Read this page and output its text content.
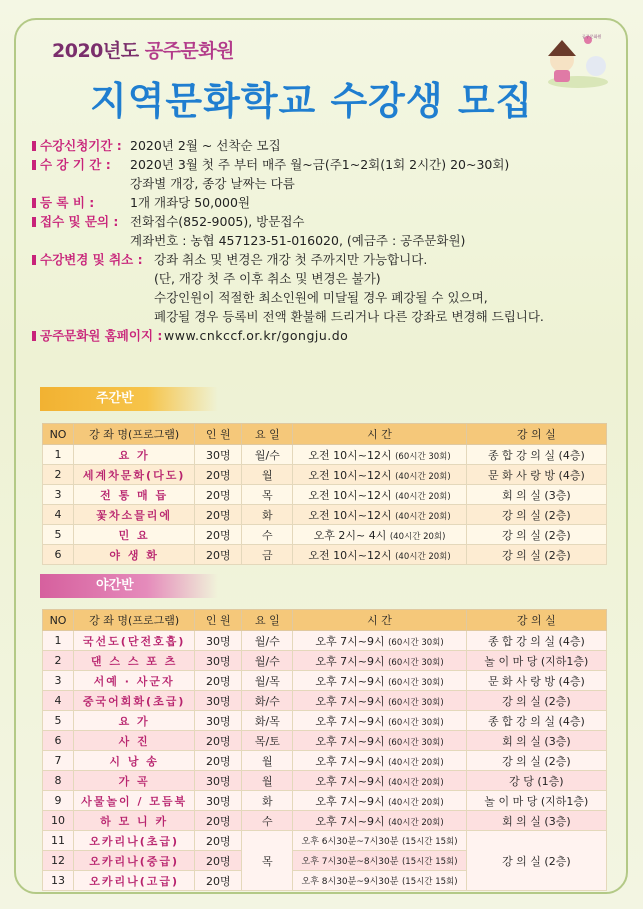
2020년도 공주문화원
지역문화학교 수강생 모집
공주문화원
수강신청기간 : 2020년 2월 ~ 선착순 모집
수 강 기 간 : 2020년 3월 첫 주 부터 매주 월~금(주1~2회(1회 2시간) 20~30회)
강좌별 개강, 종강 날짜는 다름
등 록 비 :	1개 개좌당 50,000원
접수 및 문의 : 전화접수(852-9005), 방문접수
계좌번호 : 농협 457123-51-016020, (예금주 : 공주문화원)
수강변경 및 취소 : 강좌 취소 및 변경은 개강 첫 주까지만 가능합니다.
(단, 개강 첫 주 이후 취소 및 변경은 불가)
수강인원이 적절한 최소인원에 미달될 경우 폐강될 수 있으며,
폐강될 경우 등록비 전액 환불해 드리거나 다른 강좌로 변경해 드립니다.
공주문화원 홈페이지 : www.cnkccf.or.kr/gongju.do
주간반
NO	강 좌 명(프로그램)	인 원	요 일	시 간	강 의 실
1	요 가	30명	월/수	오전 10시~12시 (60시간 30회)	종 합 강 의 실 (4층)
2	세계차문화(다도)	20명	월	오전 10시~12시 (40시간 20회)	문 화 사 랑 방 (4층)
3	전 통 매 듭	20명	목	오전 10시~12시 (40시간 20회)	회 의 실 (3층)
4	꽃차소믈리에	20명	화	오전 10시~12시 (40시간 20회)	강 의 실 (2층)
5	민 요	20명	수	오후 2시~ 4시 (40시간 20회)	강 의 실 (2층)
6	야 생 화	20명	금	오전 10시~12시 (40시간 20회)	강 의 실 (2층)
야간반
NO	강 좌 명(프로그램)	인 원	요 일	시 간	강 의 실
1	국선도(단전호흡)	30명	월/수	오후 7시~9시 (60시간 30회)	종 합 강 의 실 (4층)
2	댄 스 스 포 츠	30명	월/수	오후 7시~9시 (60시간 30회)	놀 이 마 당 (지하1층)
3	서예 · 사군자	20명	월/목	오후 7시~9시 (60시간 30회)	문 화 사 랑 방 (4층)
4	중국어회화(초급)	30명	화/수	오후 7시~9시 (60시간 30회)	강 의 실 (2층)
5	요 가	30명	화/목	오후 7시~9시 (60시간 30회)	종 합 강 의 실 (4층)
6	사 진	20명	목/토	오후 7시~9시 (60시간 30회)	회 의 실 (3층)
7	시 낭 송	20명	월	오후 7시~9시 (40시간 20회)	강 의 실 (2층)
8	가 곡	30명	월	오후 7시~9시 (40시간 20회)	강 당 (1층)
9	사물놀이 / 모듬북	30명	화	오후 7시~9시 (40시간 20회)	놀 이 마 당 (지하1층)
10	하 모 니 카	20명	수	오후 7시~9시 (40시간 20회)	회 의 실 (3층)
11	오카리나(초급)	20명	목	오후 6시30분~7시30분 (15시간 15회)	강 의 실 (2층)
12	오카리나(중급)	20명		오후 7시30분~8시30분 (15시간 15회)	
13	오카리나(고급)	20명		오후 8시30분~9시30분 (15시간 15회)	
